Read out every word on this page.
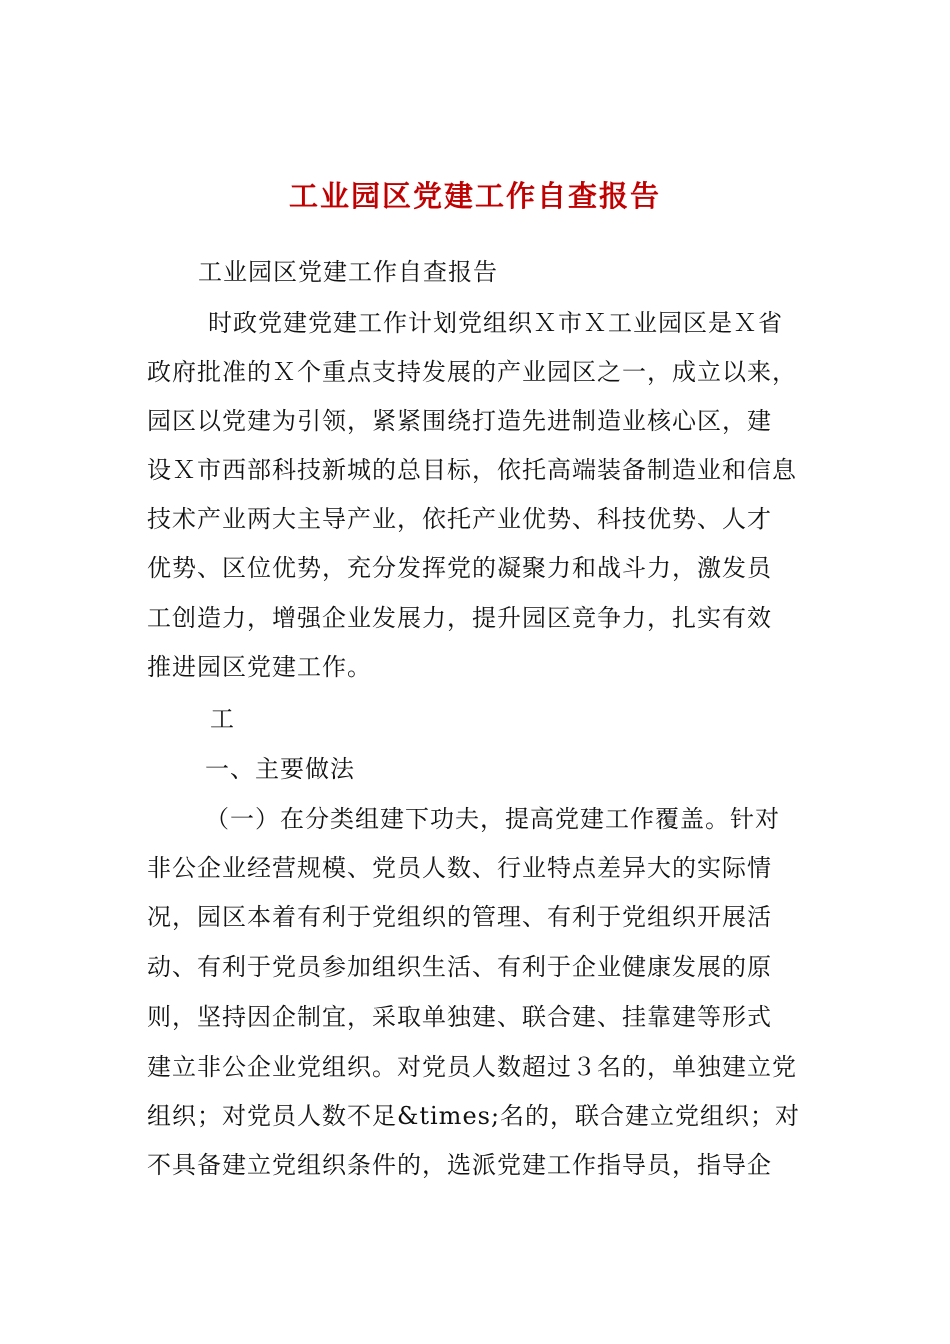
工业园区党建工作自查报告
工业园区党建工作自查报告
时政党建党建工作计划党组织Ｘ市Ｘ工业园区是Ｘ省
政府批准的Ｘ个重点支持发展的产业园区之一，成立以来，
园区以党建为引领，紧紧围绕打造先进制造业核心区，建
设Ｘ市西部科技新城的总目标，依托高端装备制造业和信息
技术产业两大主导产业，依托产业优势、科技优势、人才
优势、区位优势，充分发挥党的凝聚力和战斗力，激发员
工创造力，增强企业发展力，提升园区竞争力，扎实有效
推进园区党建工作。
工
一、主要做法
（一）在分类组建下功夫，提高党建工作覆盖。针对
非公企业经营规模、党员人数、行业特点差异大的实际情
况，园区本着有利于党组织的管理、有利于党组织开展活
动、有利于党员参加组织生活、有利于企业健康发展的原
则，坚持因企制宜，采取单独建、联合建、挂靠建等形式
建立非公企业党组织。对党员人数超过３名的，单独建立党
组织；对党员人数不足&times;名的，联合建立党组织；对
不具备建立党组织条件的，选派党建工作指导员，指导企
